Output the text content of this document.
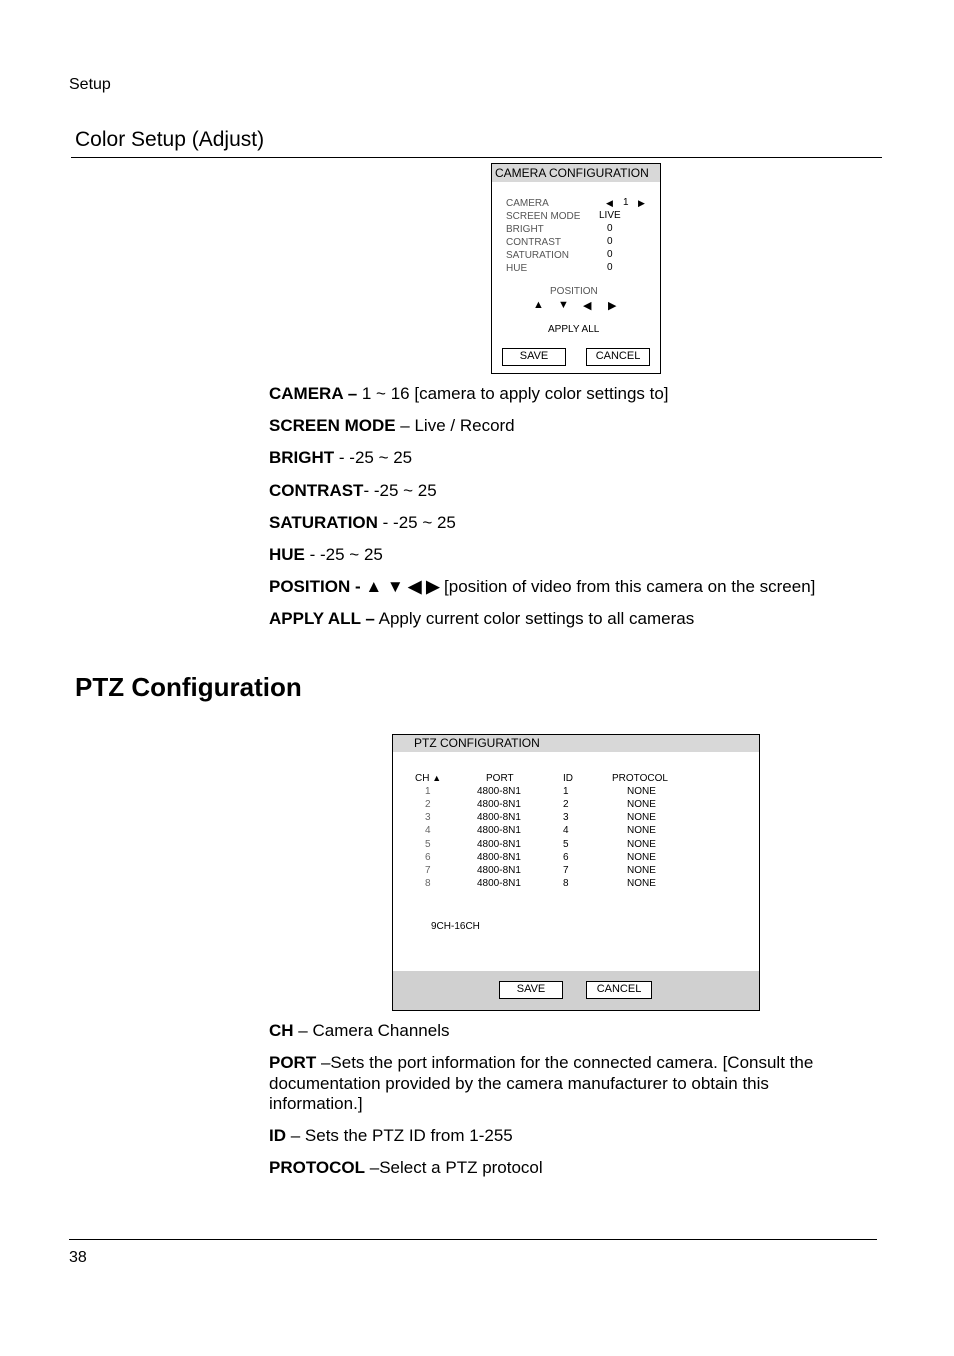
Setup
Color Setup (Adjust)
CAMERA CONFIGURATION
CAMERA	◀ 1 ▶
SCREEN MODE LIVE
BRIGHT	0
CONTRAST	0
SATURATION	0
HUE	0
POSITION
▲ ▼ ◀ ▶
APPLY ALL
SAVE	CANCEL
CAMERA – 1 ~ 16 [camera to apply color settings to]
SCREEN MODE – Live / Record
BRIGHT - -25 ~ 25
CONTRAST- -25 ~ 25
SATURATION - -25 ~ 25
HUE - -25 ~ 25
POSITION - ▲ ▼ ◀ ▶ [position of video from this camera on the screen]
APPLY ALL – Apply current color settings to all cameras
PTZ Configuration
PTZ CONFIGURATION
CH ▲	PORT	ID	PROTOCOL
1	4800-8N1	1	NONE
2	4800-8N1	2	NONE
3	4800-8N1	3	NONE
4	4800-8N1	4	NONE
5	4800-8N1	5	NONE
6	4800-8N1	6	NONE
7	4800-8N1	7	NONE
8	4800-8N1	8	NONE
9CH-16CH
SAVE	CANCEL
CH – Camera Channels
PORT –Sets the port information for the connected camera. [Consult the documentation provided by the camera manufacturer to obtain this information.]
ID – Sets the PTZ ID from 1-255
PROTOCOL –Select a PTZ protocol
38
